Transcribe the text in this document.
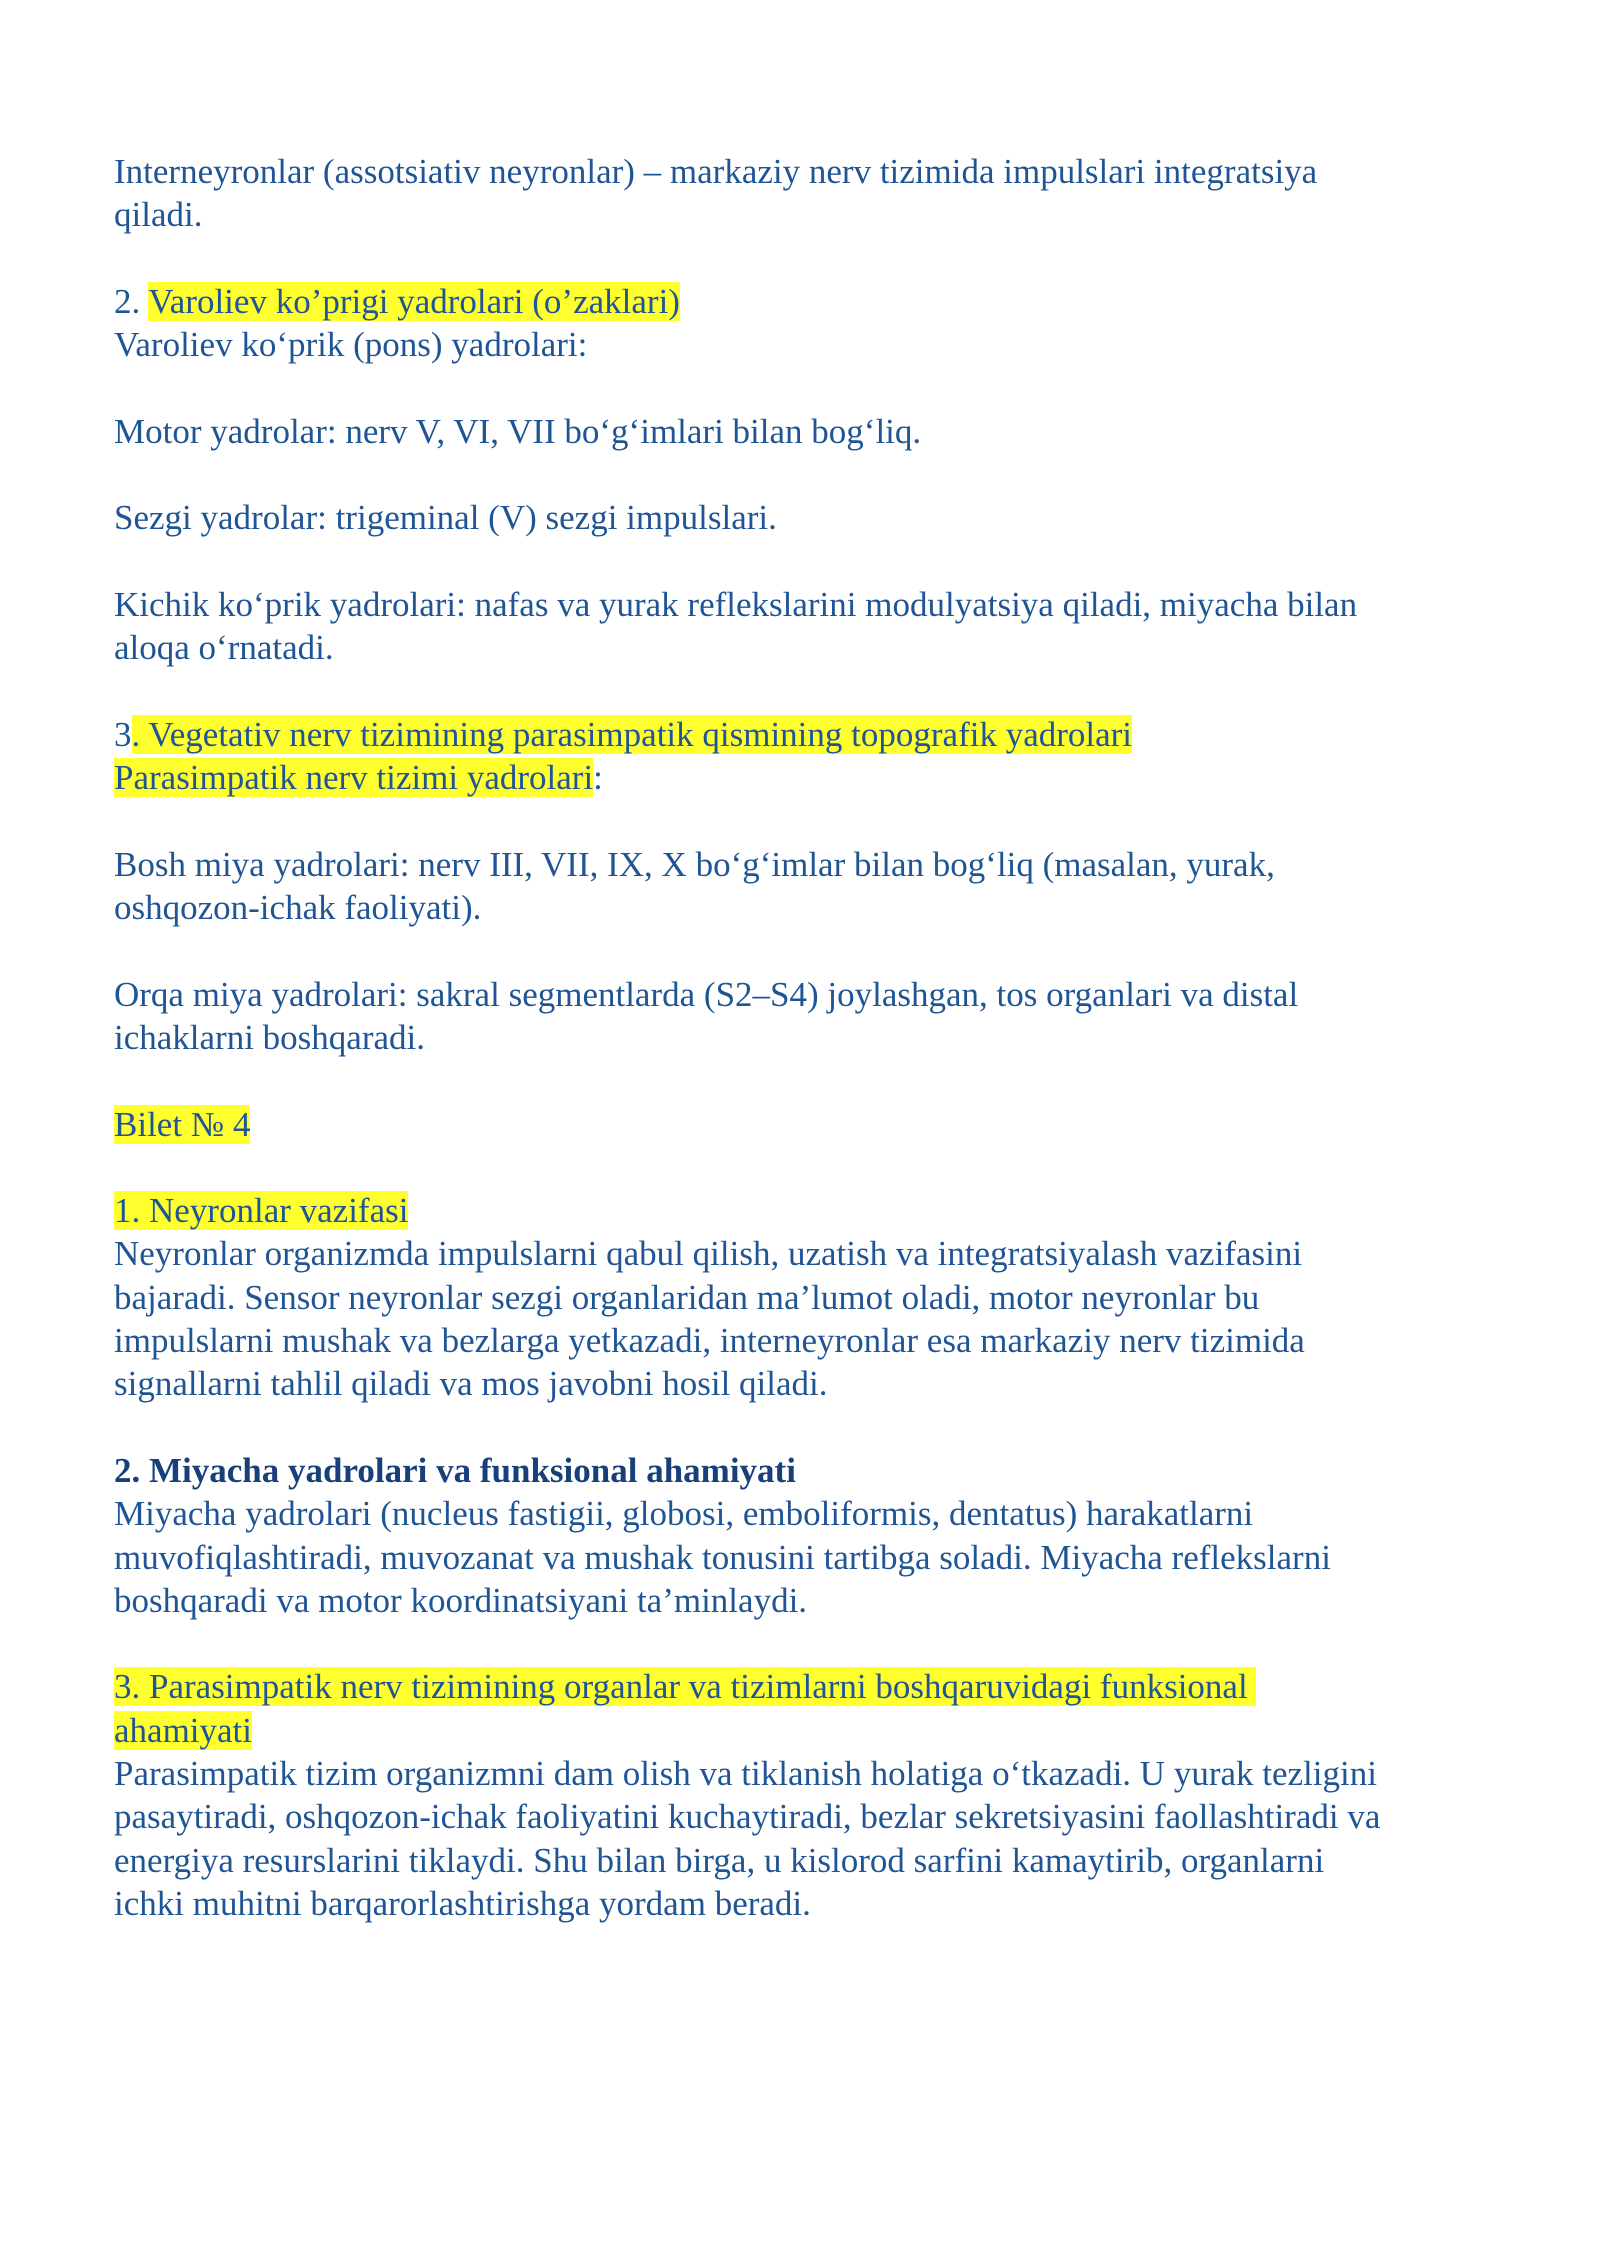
Interneyronlar (assotsiativ neyronlar) – markaziy nerv tizimida impulslari integratsiya
qiladi.
2. Varoliev ko’prigi yadrolari (o’zaklari)
Varoliev ko‘prik (pons) yadrolari:
Motor yadrolar: nerv V, VI, VII bo‘g‘imlari bilan bog‘liq.
Sezgi yadrolar: trigeminal (V) sezgi impulslari.
Kichik ko‘prik yadrolari: nafas va yurak reflekslarini modulyatsiya qiladi, miyacha bilan
aloqa o‘rnatadi.
3. Vegetativ nerv tizimining parasimpatik qismining topografik yadrolari
Parasimpatik nerv tizimi yadrolari:
Bosh miya yadrolari: nerv III, VII, IX, X bo‘g‘imlar bilan bog‘liq (masalan, yurak,
oshqozon-ichak faoliyati).
Orqa miya yadrolari: sakral segmentlarda (S2–S4) joylashgan, tos organlari va distal
ichaklarni boshqaradi.
Bilet № 4
1. Neyronlar vazifasi
Neyronlar organizmda impulslarni qabul qilish, uzatish va integratsiyalash vazifasini
bajaradi. Sensor neyronlar sezgi organlaridan ma’lumot oladi, motor neyronlar bu
impulslarni mushak va bezlarga yetkazadi, interneyronlar esa markaziy nerv tizimida
signallarni tahlil qiladi va mos javobni hosil qiladi.
2. Miyacha yadrolari va funksional ahamiyati
Miyacha yadrolari (nucleus fastigii, globosi, emboliformis, dentatus) harakatlarni
muvofiqlashtiradi, muvozanat va mushak tonusini tartibga soladi. Miyacha reflekslarni
boshqaradi va motor koordinatsiyani ta’minlaydi.
3. Parasimpatik nerv tizimining organlar va tizimlarni boshqaruvidagi funksional
ahamiyati
Parasimpatik tizim organizmni dam olish va tiklanish holatiga o‘tkazadi. U yurak tezligini
pasaytiradi, oshqozon-ichak faoliyatini kuchaytiradi, bezlar sekretsiyasini faollashtiradi va
energiya resurslarini tiklaydi. Shu bilan birga, u kislorod sarfini kamaytirib, organlarni
ichki muhitni barqarorlashtirishga yordam beradi.
